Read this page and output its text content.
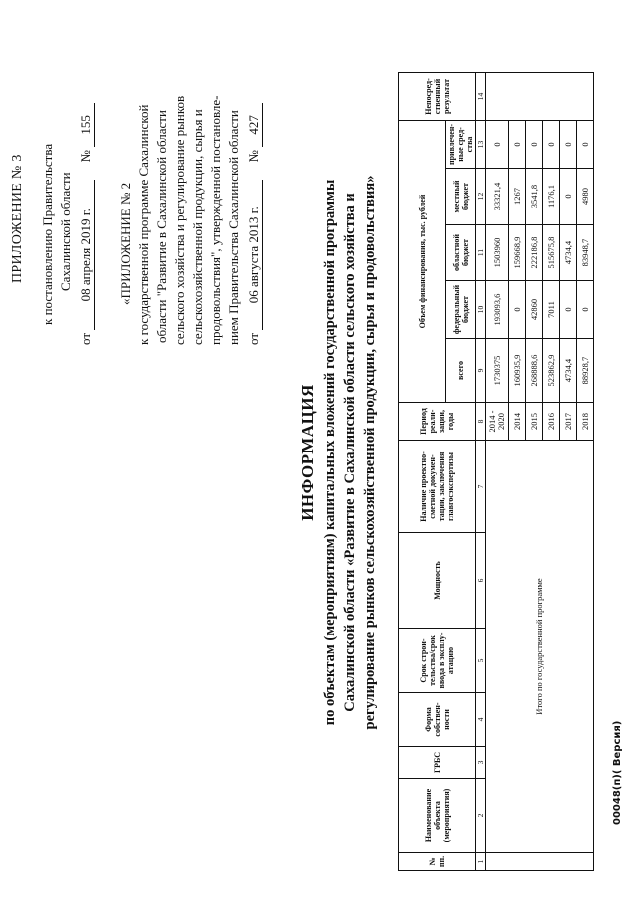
ПРИЛОЖЕНИЕ № 3 к постановлению Правительства Сахалинской области
от 08 апреля 2019 г. № 155
«ПРИЛОЖЕНИЕ № 2 к государственной программе Сахалинской области "Развитие в Сахалинской области сельского хозяйства и регулирование рынков сельскохозяйственной продукции, сырья и продовольствия", утвержденной постановле- нием Правительства Сахалинской области от 06 августа 2013 г. № 427
ИНФОРМАЦИЯ по объектам (мероприятиям) капитальных вложений государственной программы Сахалинской области «Развитие в Сахалинской области сельского хозяйства и регулирование рынков сельскохозяйственной продукции, сырья и продовольствия»
№ пп.	Наименование объекта (мероприятия)	ГРБС	Форма собствен-ности	Срок строи-тельства/срок ввода в эксплу-атацию	Мощность	Наличие проектно-сметной докумен-тации, заключения главгосэкспертизы	Период реали-зации, годы	Объем финансирования, тыс. рублей					Непосред-ственный результат
								всего	федеральный бюджет	областной бюджет	местный бюджет	привлечен-ные сред-ства	
1	2	3	4	5	6	7	8	9	10	11	12	13	14
	Итого по государственной программе						2014 - 2020	1730375	193093,6	1503960	33321,4	0	
							2014	160935,9	0	159668,9	1267	0	
							2015	268888,6	42860	222186,8	3541,8	0	
							2016	523862,9	7011	515675,8	1176,1	0	
							2017	4734,4	0	4734,4	0	0	
							2018	88928,7	0	83948,7	4980	0	
00048(п)( Версия)
